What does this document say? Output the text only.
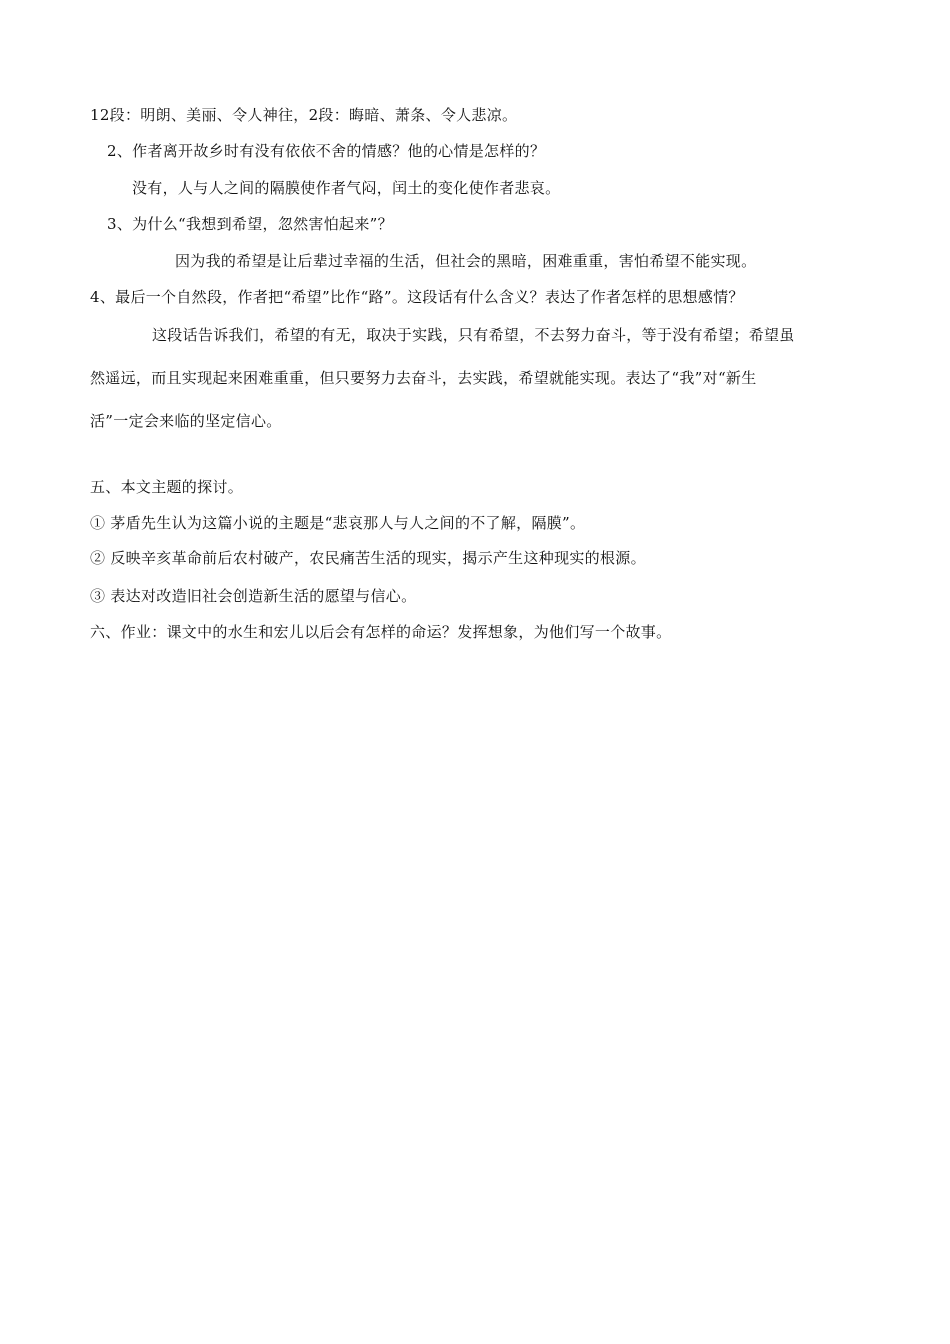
12段：明朗、美丽、令人神往，2段：晦暗、萧条、令人悲凉。
2、作者离开故乡时有没有依依不舍的情感？他的心情是怎样的？
没有，人与人之间的隔膜使作者气闷，闰土的变化使作者悲哀。
3、为什么“我想到希望，忽然害怕起来”？
因为我的希望是让后辈过幸福的生活，但社会的黑暗，困难重重，害怕希望不能实现。
4、最后一个自然段，作者把“希望”比作“路”。这段话有什么含义？表达了作者怎样的思想感情？
这段话告诉我们，希望的有无，取决于实践，只有希望，不去努力奋斗，等于没有希望；希望虽
然遥远，而且实现起来困难重重，但只要努力去奋斗，去实践，希望就能实现。表达了“我”对“新生
活”一定会来临的坚定信心。
五、本文主题的探讨。
① 茅盾先生认为这篇小说的主题是“悲哀那人与人之间的不了解，隔膜”。
② 反映辛亥革命前后农村破产，农民痛苦生活的现实，揭示产生这种现实的根源。
③ 表达对改造旧社会创造新生活的愿望与信心。
六、作业：课文中的水生和宏儿以后会有怎样的命运？发挥想象，为他们写一个故事。
